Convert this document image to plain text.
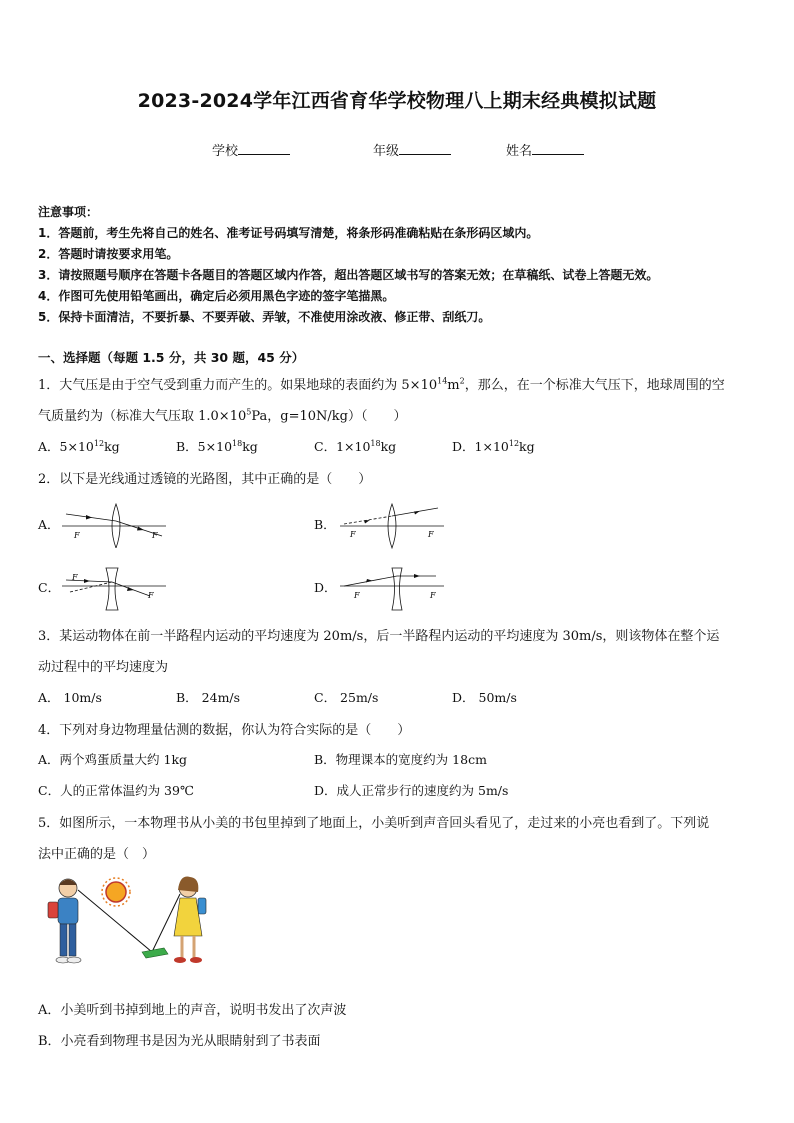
2023-2024学年江西省育华学校物理八上期末经典模拟试题
学校	年级	姓名
注意事项：
1．答题前，考生先将自己的姓名、准考证号码填写清楚，将条形码准确粘贴在条形码区域内。
2．答题时请按要求用笔。
3．请按照题号顺序在答题卡各题目的答题区域内作答，超出答题区域书写的答案无效；在草稿纸、试卷上答题无效。
4．作图可先使用铅笔画出，确定后必须用黑色字迹的签字笔描黑。
5．保持卡面清洁，不要折暴、不要弄破、弄皱，不准使用涂改液、修正带、刮纸刀。
一、选择题（每题 1.5 分，共 30 题，45 分）
1．大气压是由于空气受到重力而产生的。如果地球的表面约为 $5\times 10^{14}m^2$，那么，在一个标准大气压下，地球周围的空
气质量约为（标准大气压取 $1.0\times 10^5Pa$，g=10N/kg）（　　）
A．$5\times 10^{12}kg$	B．$5\times 10^{18}kg$	C．$1\times 10^{18}kg$	D．$1\times 10^{12}kg$
2．以下是光线通过透镜的光路图，其中正确的是（　　）
A．
F	F
B．
F	F
C．
F
F
D．
F	F
3．某运动物体在前一半路程内运动的平均速度为 20m/s，后一半路程内运动的平均速度为 30m/s，则该物体在整个运
动过程中的平均速度为
A． 10m/s	B． 24m/s	C． 25m/s	D． 50m/s
4．下列对身边物理量估测的数据，你认为符合实际的是（　　）
A．两个鸡蛋质量大约 1kg	B．物理课本的宽度约为 18cm
C．人的正常体温约为 39℃	D．成人正常步行的速度约为 5m/s
5．如图所示，一本物理书从小美的书包里掉到了地面上，小美听到声音回头看见了，走过来的小亮也看到了。下列说
法中正确的是（　）
A．小美听到书掉到地上的声音，说明书发出了次声波
B．小亮看到物理书是因为光从眼睛射到了书表面
